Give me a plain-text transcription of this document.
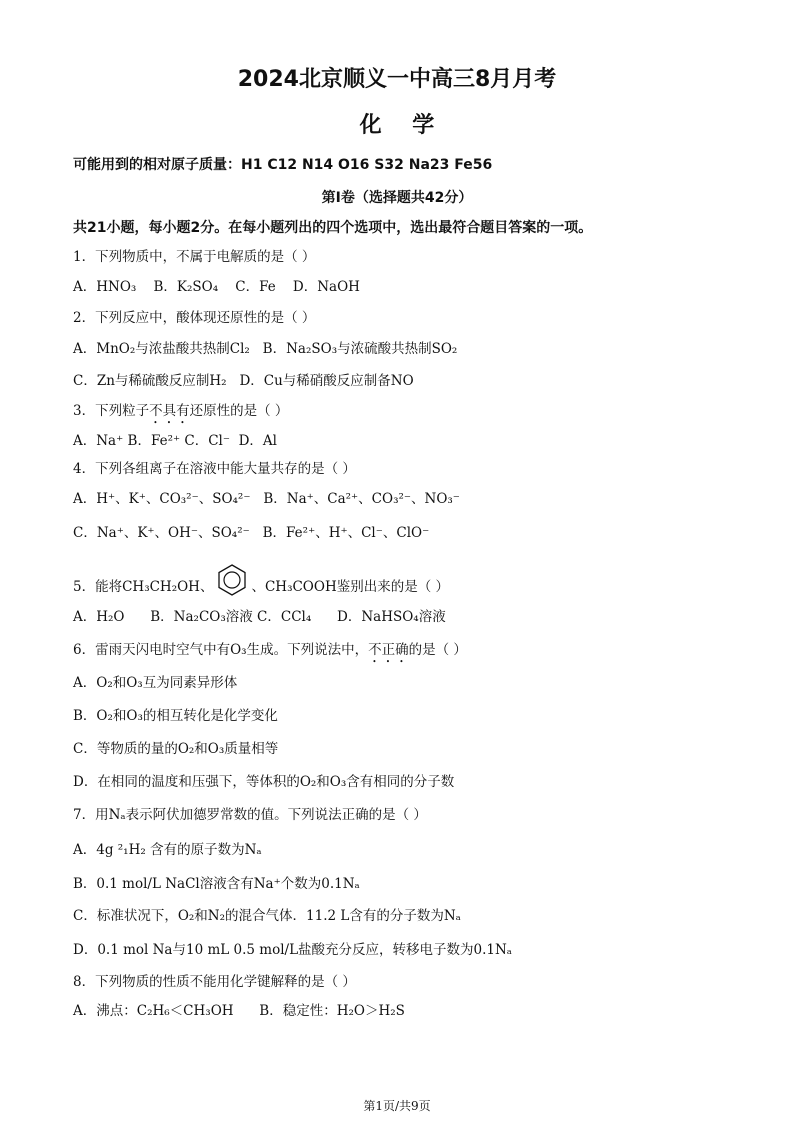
2024北京顺义一中高三8月月考
化    学
可能用到的相对原子质量：H1 C12 N14 O16 S32 Na23 Fe56
第Ⅰ卷（选择题共42分）
共21小题，每小题2分。在每小题列出的四个选项中，选出最符合题目答案的一项。
1．下列物质中，不属于电解质的是（ ）
A．HNO₃    B．K₂SO₄    C．Fe    D．NaOH
2．下列反应中，酸体现还原性的是（ ）
A．MnO₂与浓盐酸共热制Cl₂   B．Na₂SO₃与浓硫酸共热制SO₂
C．Zn与稀硫酸反应制H₂   D．Cu与稀硝酸反应制备NO
3．下列粒子不具有还原性的是（ ）
A．Na⁺ B．Fe²⁺ C．Cl⁻  D．Al
4．下列各组离子在溶液中能大量共存的是（ ）
A．H⁺、K⁺、CO₃²⁻、SO₄²⁻   B．Na⁺、Ca²⁺、CO₃²⁻、NO₃⁻
C．Na⁺、K⁺、OH⁻、SO₄²⁻   B．Fe²⁺、H⁺、Cl⁻、ClO⁻
5．能将CH₃CH₂OH、	、CH₃COOH鉴别出来的是（ ）
A．H₂O      B．Na₂CO₃溶液 C．CCl₄      D．NaHSO₄溶液
6．雷雨天闪电时空气中有O₃生成。下列说法中，不正确的是（ ）
A．O₂和O₃互为同素异形体
B．O₂和O₃的相互转化是化学变化
C．等物质的量的O₂和O₃质量相等
D．在相同的温度和压强下，等体积的O₂和O₃含有相同的分子数
7．用Nₐ表示阿伏加德罗常数的值。下列说法正确的是（ ）
A．4g ²₁H₂ 含有的原子数为Nₐ
B．0.1 mol/L NaCl溶液含有Na⁺个数为0.1Nₐ
C．标准状况下，O₂和N₂的混合气体．11.2 L含有的分子数为Nₐ
D．0.1 mol Na与10 mL 0.5 mol/L盐酸充分反应，转移电子数为0.1Nₐ
8．下列物质的性质不能用化学键解释的是（ ）
A．沸点：C₂H₆＜CH₃OH      B．稳定性：H₂O＞H₂S
第1页/共9页
